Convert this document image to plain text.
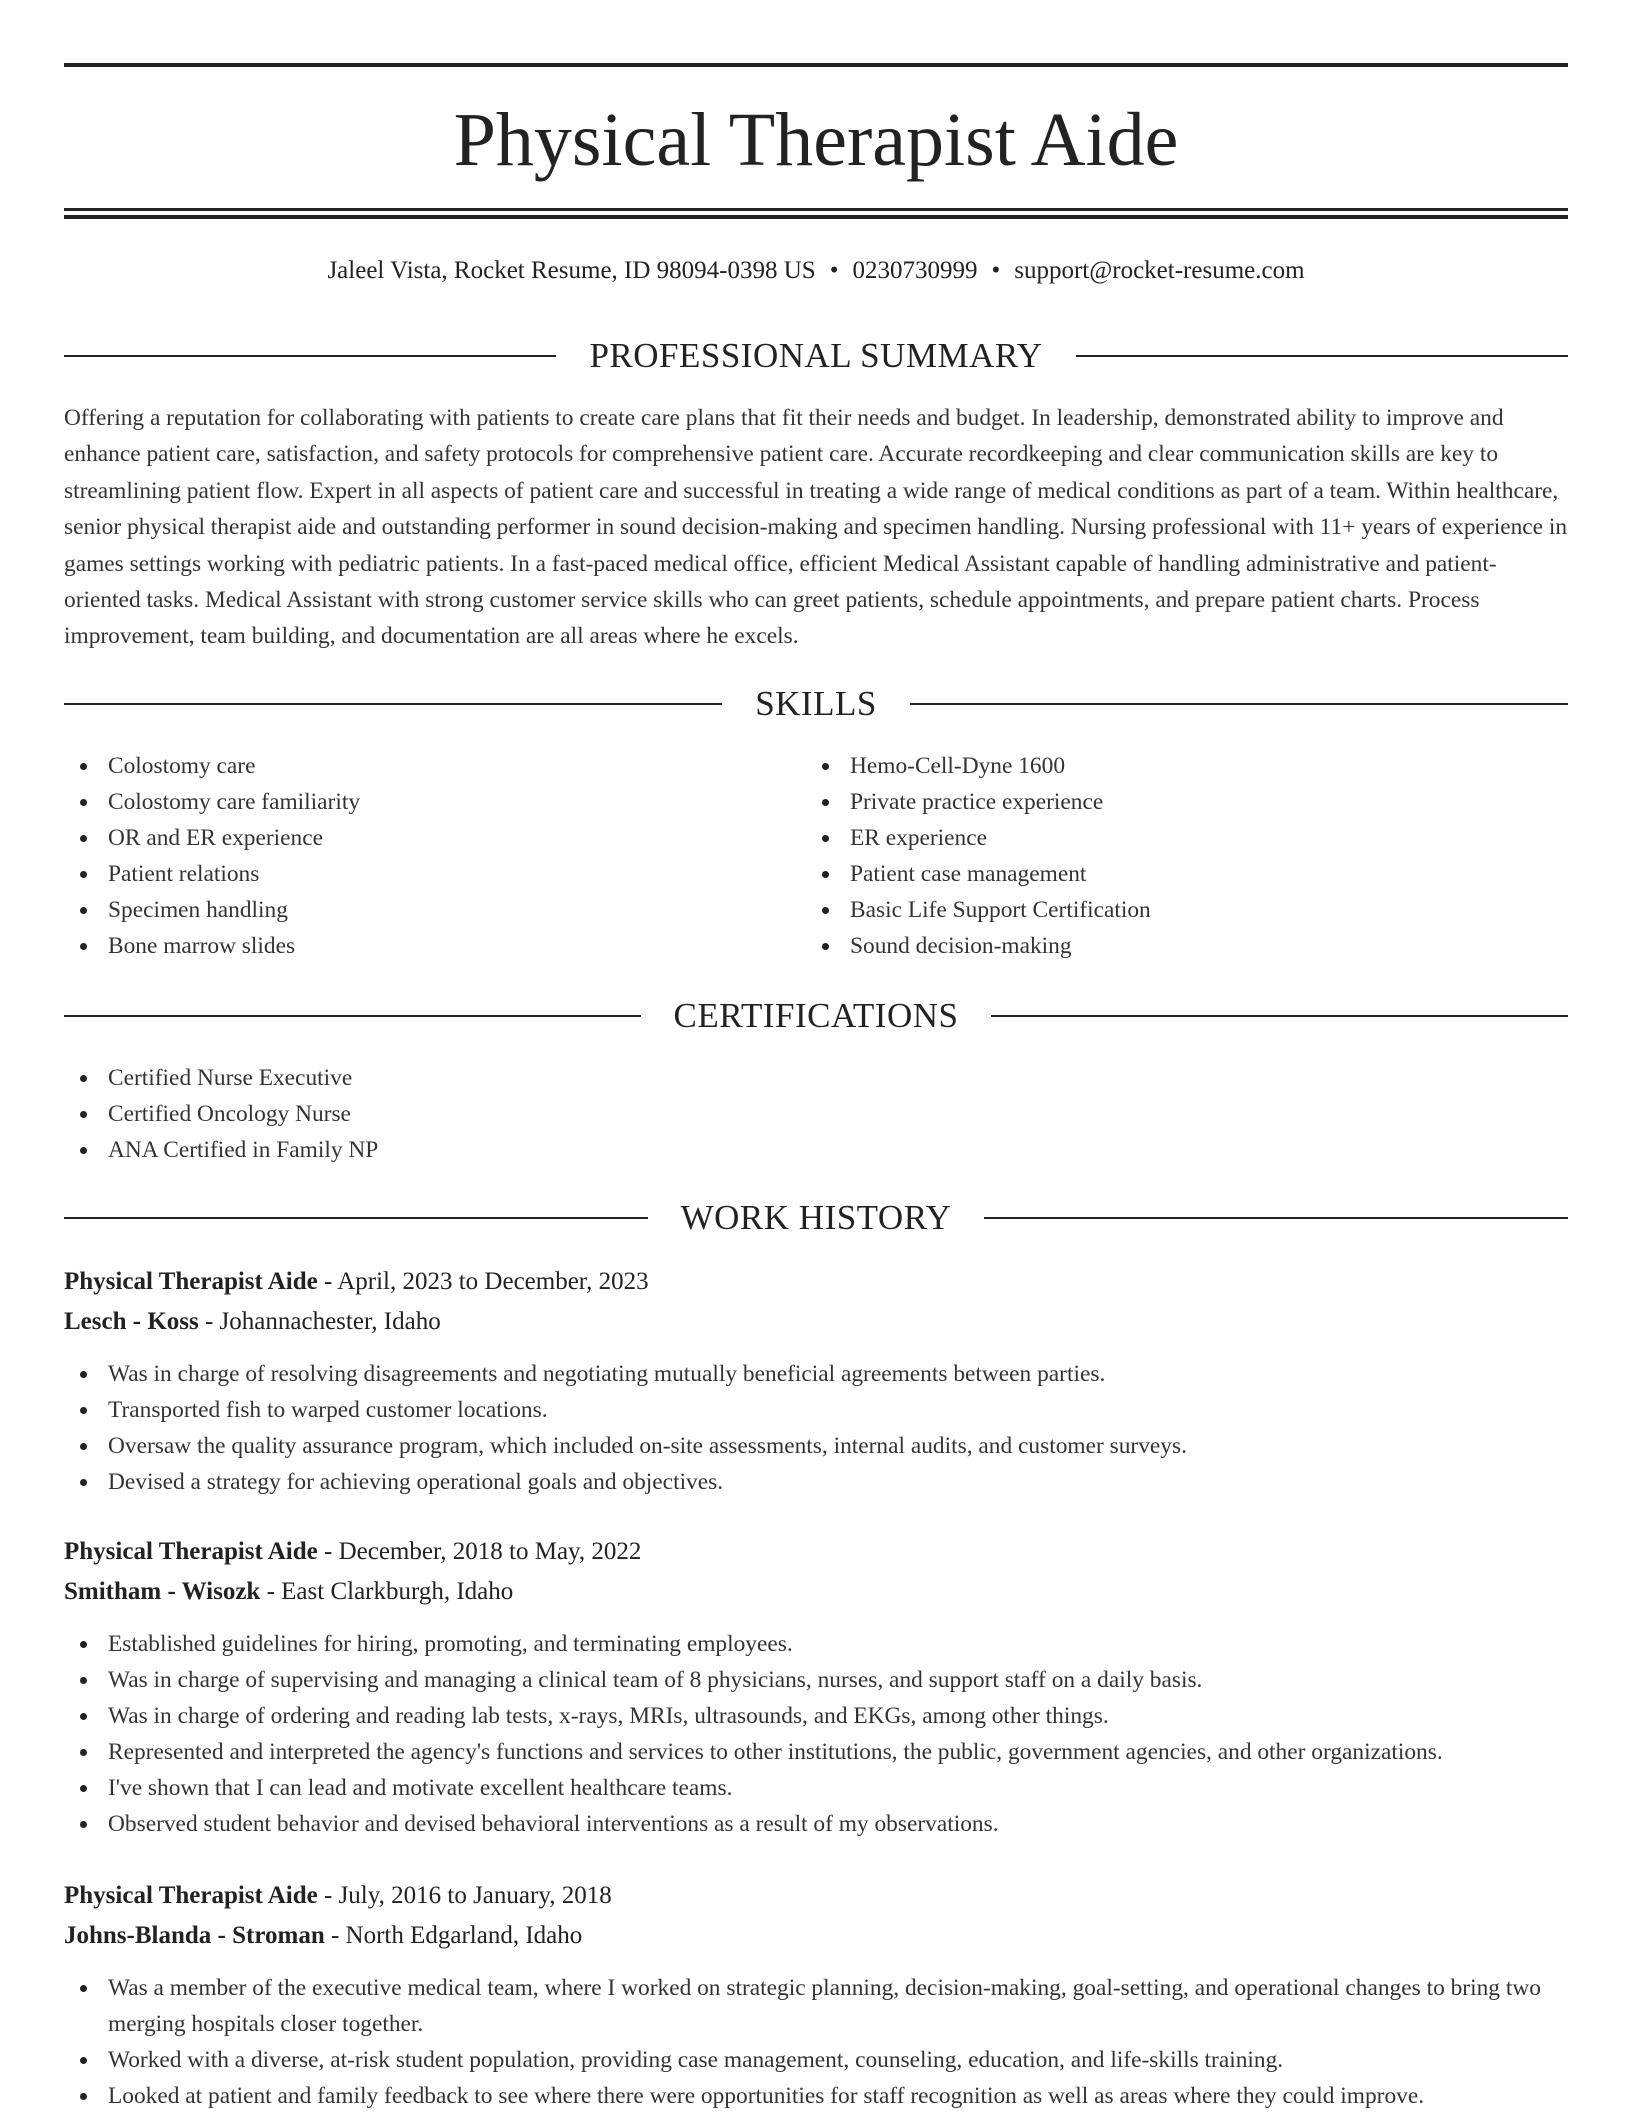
Physical Therapist Aide
Jaleel Vista, Rocket Resume, ID 98094-0398 US • 0230730999 • support@rocket-resume.com
PROFESSIONAL SUMMARY

Offering a reputation for collaborating with patients to create care plans that fit their needs and budget. In leadership, demonstrated ability to improve and enhance patient care, satisfaction, and safety protocols for comprehensive patient care. Accurate recordkeeping and clear communication skills are key to streamlining patient flow. Expert in all aspects of patient care and successful in treating a wide range of medical conditions as part of a team. Within healthcare, senior physical therapist aide and outstanding performer in sound decision-making and specimen handling. Nursing professional with 11+ years of experience in games settings working with pediatric patients. In a fast-paced medical office, efficient Medical Assistant capable of handling administrative and patient-oriented tasks. Medical Assistant with strong customer service skills who can greet patients, schedule appointments, and prepare patient charts. Process improvement, team building, and documentation are all areas where he excels.

SKILLS
Colostomy care
Colostomy care familiarity
OR and ER experience
Patient relations
Specimen handling
Bone marrow slides
Hemo-Cell-Dyne 1600
Private practice experience
ER experience
Patient case management
Basic Life Support Certification
Sound decision-making
CERTIFICATIONS
Certified Nurse Executive
Certified Oncology Nurse
ANA Certified in Family NP
WORK HISTORY
Physical Therapist Aide - April, 2023 to December, 2023
Lesch - Koss - Johannachester, Idaho
Was in charge of resolving disagreements and negotiating mutually beneficial agreements between parties.
Transported fish to warped customer locations.
Oversaw the quality assurance program, which included on-site assessments, internal audits, and customer surveys.
Devised a strategy for achieving operational goals and objectives.
Physical Therapist Aide - December, 2018 to May, 2022
Smitham - Wisozk - East Clarkburgh, Idaho
Established guidelines for hiring, promoting, and terminating employees.
Was in charge of supervising and managing a clinical team of 8 physicians, nurses, and support staff on a daily basis.
Was in charge of ordering and reading lab tests, x-rays, MRIs, ultrasounds, and EKGs, among other things.
Represented and interpreted the agency's functions and services to other institutions, the public, government agencies, and other organizations.
I've shown that I can lead and motivate excellent healthcare teams.
Observed student behavior and devised behavioral interventions as a result of my observations.
Physical Therapist Aide - July, 2016 to January, 2018
Johns-Blanda - Stroman - North Edgarland, Idaho
Was a member of the executive medical team, where I worked on strategic planning, decision-making, goal-setting, and operational changes to bring two merging hospitals closer together.
Worked with a diverse, at-risk student population, providing case management, counseling, education, and life-skills training.
Looked at patient and family feedback to see where there were opportunities for staff recognition as well as areas where they could improve.
